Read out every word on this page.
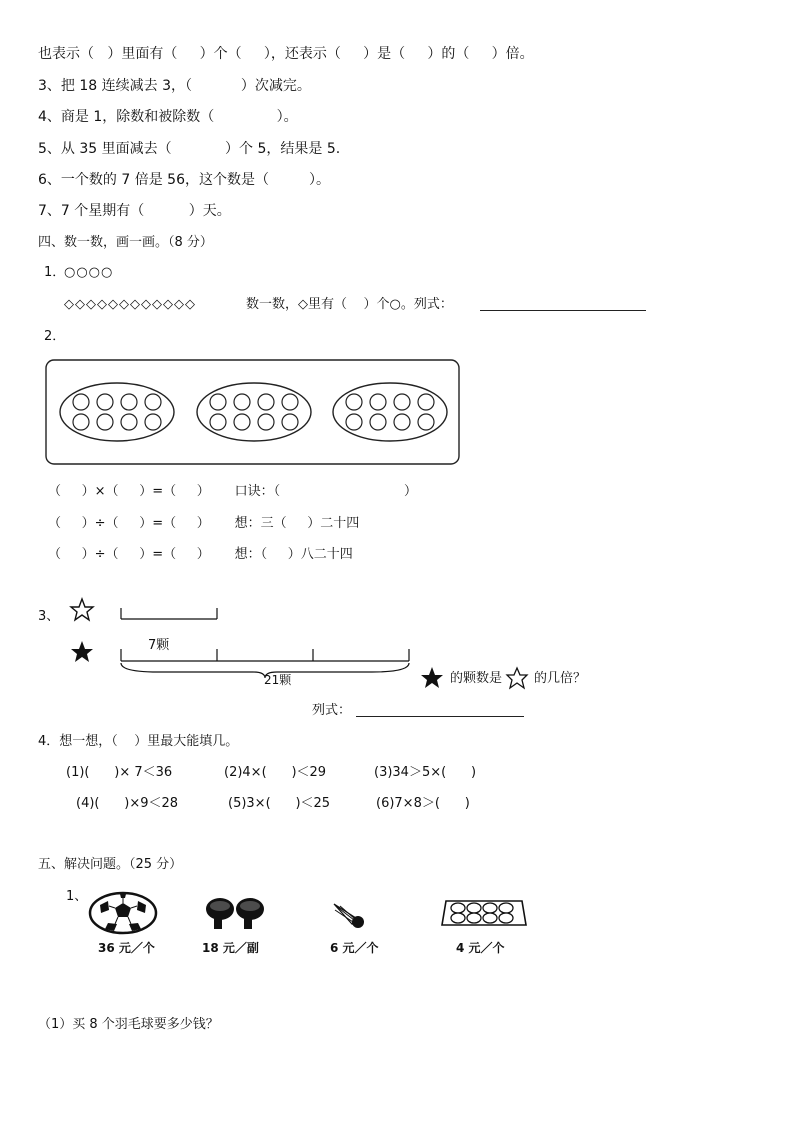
也表示（   ）里面有（     ）个（     ），还表示（     ）是（     ）的（     ）倍。
3、把 18 连续减去 3，（           ）次减完。
4、商是 1，除数和被除数（              ）。
5、从 35 里面减去（            ）个 5，结果是 5.
6、一个数的 7 倍是 56，这个数是（         ）。
7、7 个星期有（          ）天。
四、数一数，画一画。（8 分）
1．
○○○○
◇◇◇◇◇◇◇◇◇◇◇◇	数一数，◇里有（    ）个○。列式：
2．
（     ）×（     ）=（     ）      口诀：（                              ）
（     ）÷（     ）=（     ）      想：三（     ）二十四
（     ）÷（     ）=（     ）      想：（     ）八二十四
3、
7颗
21颗	的颗数是 的几倍？
列式：
4．想一想，（    ）里最大能填几。
(1)(      )× 7＜36	(2)4×(      )＜29	(3)34＞5×(      )
(4)(      )×9＜28	(5)3×(      )＜25	(6)7×8＞(      )
五、解决问题。（25 分）
1、
36 元／个	18 元／副	6 元／个	4 元／个
（1）买 8 个羽毛球要多少钱？
